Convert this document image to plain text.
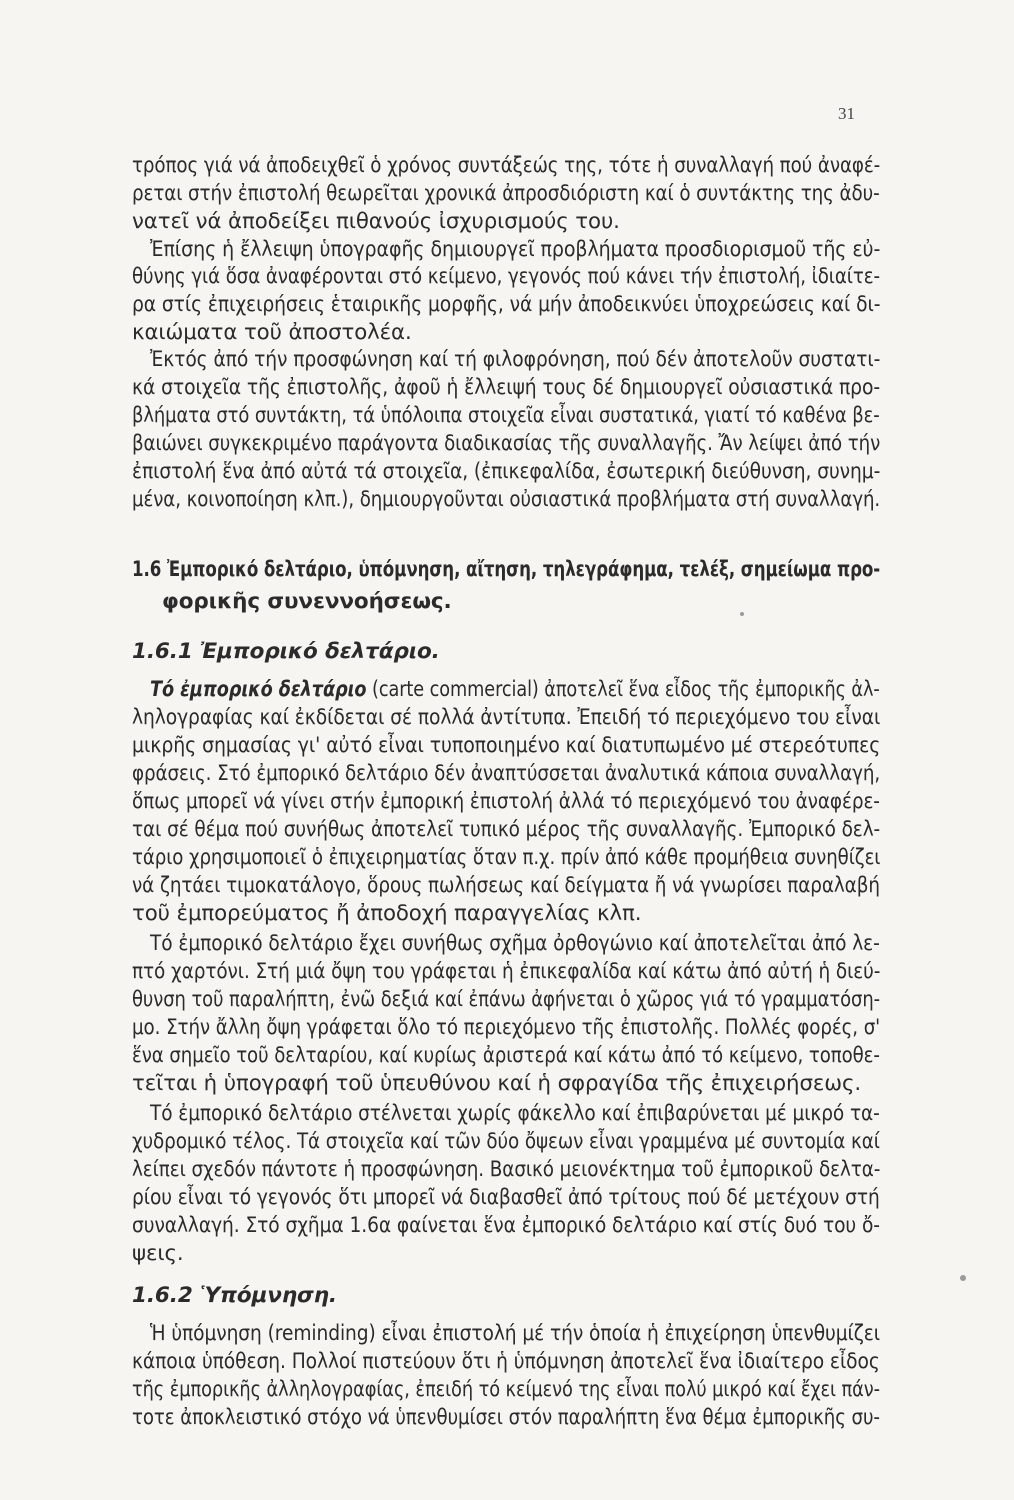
31
τρόπος γιά νά ἀποδειχθεῖ ὁ χρόνος συντάξεώς της, τότε ἡ συναλλαγή πού ἀναφέ-
ρεται στήν ἐπιστολή θεωρεῖται χρονικά ἀπροσδιόριστη καί ὁ συντάκτης της ἀδυ-
νατεῖ νά ἀποδείξει πιθανούς ἰσχυρισμούς του.
Ἐπίσης ἡ ἔλλειψη ὑπογραφῆς δημιουργεῖ προβλήματα προσδιορισμοῦ τῆς εὐ-
θύνης γιά ὅσα ἀναφέρονται στό κείμενο, γεγονός πού κάνει τήν ἐπιστολή, ἰδιαίτε-
ρα στίς ἐπιχειρήσεις ἑταιρικῆς μορφῆς, νά μήν ἀποδεικνύει ὑποχρεώσεις καί δι-
καιώματα τοῦ ἀποστολέα.
Ἐκτός ἀπό τήν προσφώνηση καί τή φιλοφρόνηση, πού δέν ἀποτελοῦν συστατι-
κά στοιχεῖα τῆς ἐπιστολῆς, ἀφοῦ ἡ ἔλλειψή τους δέ δημιουργεῖ οὐσιαστικά προ-
βλήματα στό συντάκτη, τά ὑπόλοιπα στοιχεῖα εἶναι συστατικά, γιατί τό καθένα βε-
βαιώνει συγκεκριμένο παράγοντα διαδικασίας τῆς συναλλαγῆς. Ἄν λείψει ἀπό τήν
ἐπιστολή ἕνα ἀπό αὐτά τά στοιχεῖα, (ἐπικεφαλίδα, ἐσωτερική διεύθυνση, συνημ-
μένα, κοινοποίηση κλπ.), δημιουργοῦνται οὐσιαστικά προβλήματα στή συναλλαγή.
1.6 Ἐμπορικό δελτάριο, ὑπόμνηση, αἴτηση, τηλεγράφημα, τελέξ, σημείωμα προ-
φορικῆς συνεννοήσεως.
1.6.1 Ἐμπορικό δελτάριο.
Τό ἐμπορικό δελτάριο (carte commercial) ἀποτελεῖ ἕνα εἶδος τῆς ἐμπορικῆς ἀλ-
ληλογραφίας καί ἐκδίδεται σέ πολλά ἀντίτυπα. Ἐπειδή τό περιεχόμενο του εἶναι
μικρῆς σημασίας γι' αὐτό εἶναι τυποποιημένο καί διατυπωμένο μέ στερεότυπες
φράσεις. Στό ἐμπορικό δελτάριο δέν ἀναπτύσσεται ἀναλυτικά κάποια συναλλαγή,
ὅπως μπορεῖ νά γίνει στήν ἐμπορική ἐπιστολή ἀλλά τό περιεχόμενό του ἀναφέρε-
ται σέ θέμα πού συνήθως ἀποτελεῖ τυπικό μέρος τῆς συναλλαγῆς. Ἐμπορικό δελ-
τάριο χρησιμοποιεῖ ὁ ἐπιχειρηματίας ὅταν π.χ. πρίν ἀπό κάθε προμήθεια συνηθίζει
νά ζητάει τιμοκατάλογο, ὅρους πωλήσεως καί δείγματα ἤ νά γνωρίσει παραλαβή
τοῦ ἐμπορεύματος ἤ ἀποδοχή παραγγελίας κλπ.
Τό ἐμπορικό δελτάριο ἔχει συνήθως σχῆμα ὀρθογώνιο καί ἀποτελεῖται ἀπό λε-
πτό χαρτόνι. Στή μιά ὄψη του γράφεται ἡ ἐπικεφαλίδα καί κάτω ἀπό αὐτή ἡ διεύ-
θυνση τοῦ παραλήπτη, ἐνῶ δεξιά καί ἐπάνω ἀφήνεται ὁ χῶρος γιά τό γραμματόση-
μο. Στήν ἄλλη ὄψη γράφεται ὅλο τό περιεχόμενο τῆς ἐπιστολῆς. Πολλές φορές, σ'
ἕνα σημεῖο τοῦ δελταρίου, καί κυρίως ἀριστερά καί κάτω ἀπό τό κείμενο, τοποθε-
τεῖται ἡ ὑπογραφή τοῦ ὑπευθύνου καί ἡ σφραγίδα τῆς ἐπιχειρήσεως.
Τό ἐμπορικό δελτάριο στέλνεται χωρίς φάκελλο καί ἐπιβαρύνεται μέ μικρό τα-
χυδρομικό τέλος. Τά στοιχεῖα καί τῶν δύο ὄψεων εἶναι γραμμένα μέ συντομία καί
λείπει σχεδόν πάντοτε ἡ προσφώνηση. Βασικό μειονέκτημα τοῦ ἐμπορικοῦ δελτα-
ρίου εἶναι τό γεγονός ὅτι μπορεῖ νά διαβασθεῖ ἀπό τρίτους πού δέ μετέχουν στή
συναλλαγή. Στό σχῆμα 1.6α φαίνεται ἕνα ἐμπορικό δελτάριο καί στίς δυό του ὄ-
ψεις.
1.6.2 Ὑπόμνηση.
Ἡ ὑπόμνηση (reminding) εἶναι ἐπιστολή μέ τήν ὁποία ἡ ἐπιχείρηση ὑπενθυμίζει
κάποια ὑπόθεση. Πολλοί πιστεύουν ὅτι ἡ ὑπόμνηση ἀποτελεῖ ἕνα ἰδιαίτερο εἶδος
τῆς ἐμπορικῆς ἀλληλογραφίας, ἐπειδή τό κείμενό της εἶναι πολύ μικρό καί ἔχει πάν-
τοτε ἀποκλειστικό στόχο νά ὑπενθυμίσει στόν παραλήπτη ἕνα θέμα ἐμπορικῆς συ-
